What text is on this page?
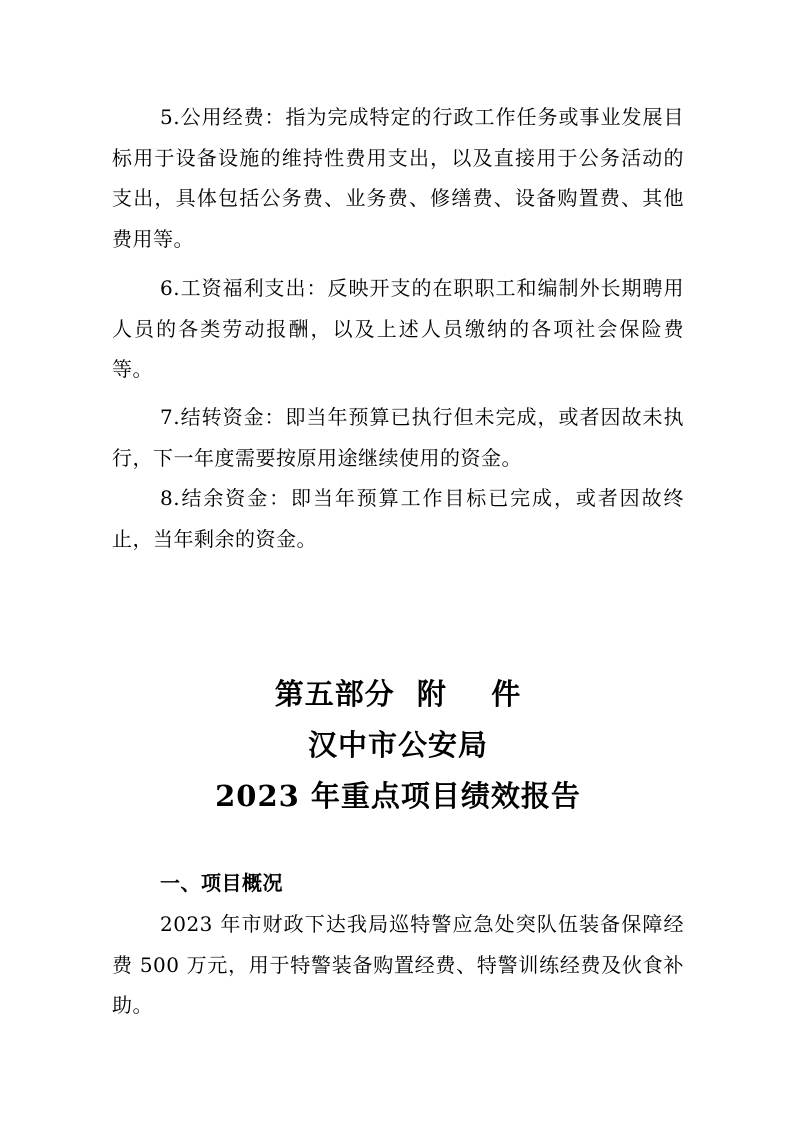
5.公用经费：指为完成特定的行政工作任务或事业发展目标用于设备设施的维持性费用支出，以及直接用于公务活动的支出，具体包括公务费、业务费、修缮费、设备购置费、其他费用等。
6.工资福利支出：反映开支的在职职工和编制外长期聘用人员的各类劳动报酬，以及上述人员缴纳的各项社会保险费等。
7.结转资金：即当年预算已执行但未完成，或者因故未执行，下一年度需要按原用途继续使用的资金。
8.结余资金：即当年预算工作目标已完成，或者因故终止，当年剩余的资金。
第五部分  附    件
汉中市公安局
2023 年重点项目绩效报告
一、项目概况
2023 年市财政下达我局巡特警应急处突队伍装备保障经费 500 万元，用于特警装备购置经费、特警训练经费及伙食补助。
